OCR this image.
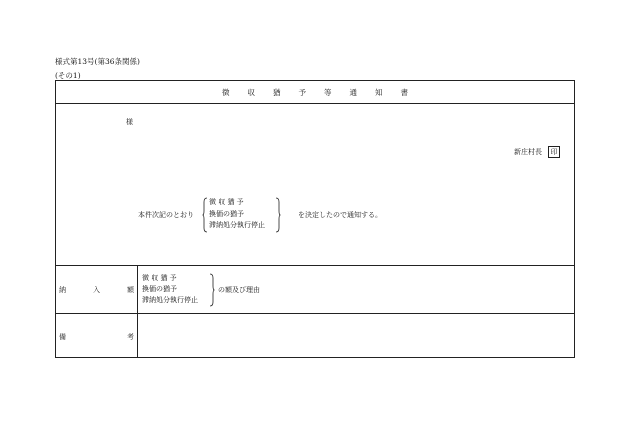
様式第13号(第36条関係)
(その1)
徴 収 猶 予 等 通 知 書
様
新庄村長 印
本件次記のとおり
徴 収 猶 予
換価の猶予
滞納処分執行停止
を決定したので通知する。
納	入	額
徴 収 猶 予
換価の猶予
滞納処分執行停止
の額及び理由
備	考
